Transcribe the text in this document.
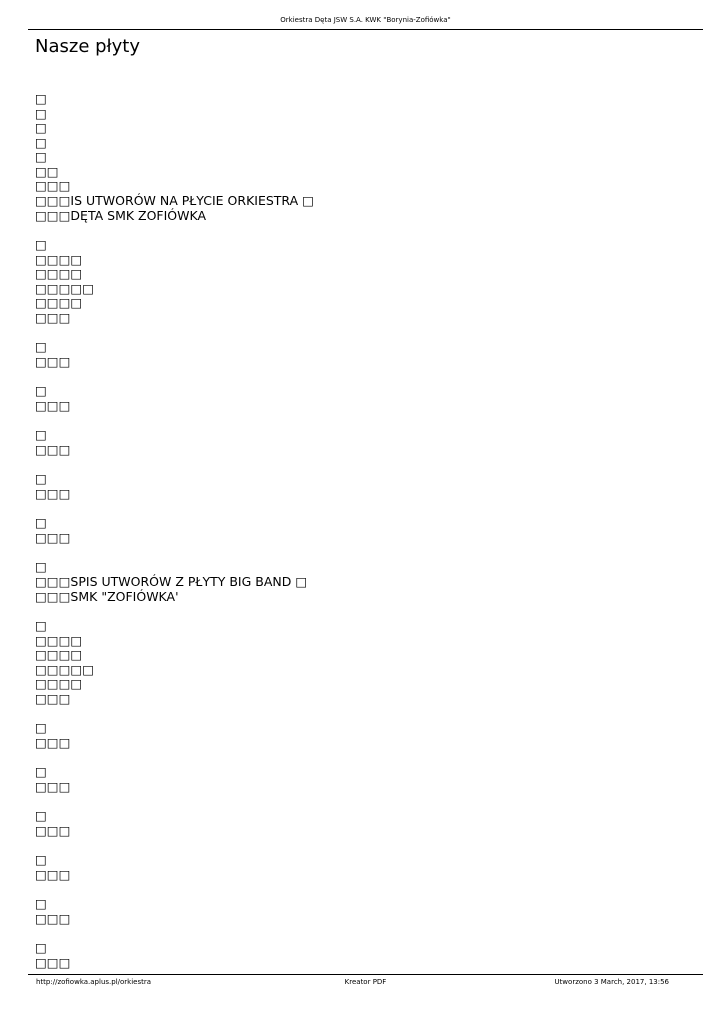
Orkiestra Dęta JSW S.A. KWK "Borynia-Zofiówka"
Nasze płyty
□
□
□
□
□
□□
□□□
□□□IS UTWORÓW NA PŁYCIE ORKIESTRA □
□□□DĘTA SMK ZOFIÓWKA
□
□□□□
□□□□
□□□□□
□□□□
□□□
□
□□□
□
□□□
□
□□□
□
□□□
□
□□□
□
□□□SPIS UTWORÓW Z PŁYTY BIG BAND □
□□□SMK "ZOFIÓWKA'
□
□□□□
□□□□
□□□□□
□□□□
□□□
□
□□□
□
□□□
□
□□□
□
□□□
□
□□□
□
□□□
http://zofiowka.aplus.pl/orkiestra	Kreator PDF	Utworzono 3 March, 2017, 13:56
